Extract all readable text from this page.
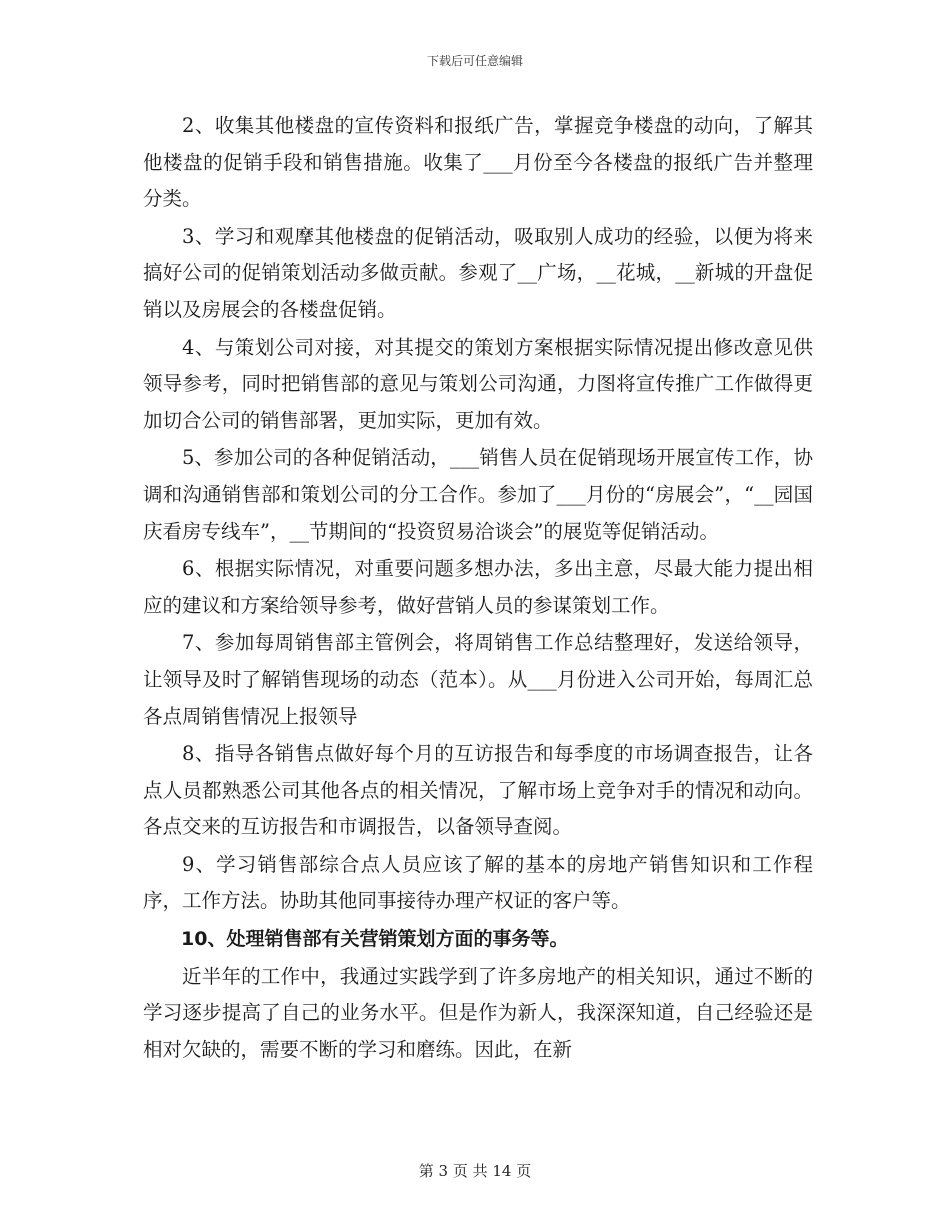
下载后可任意编辑

2、收集其他楼盘的宣传资料和报纸广告，掌握竞争楼盘的动向，了解其他楼盘的促销手段和销售措施。收集了___月份至今各楼盘的报纸广告并整理分类。

3、学习和观摩其他楼盘的促销活动，吸取别人成功的经验，以便为将来搞好公司的促销策划活动多做贡献。参观了__广场，__花城，__新城的开盘促销以及房展会的各楼盘促销。

4、与策划公司对接，对其提交的策划方案根据实际情况提出修改意见供领导参考，同时把销售部的意见与策划公司沟通，力图将宣传推广工作做得更加切合公司的销售部署，更加实际，更加有效。

5、参加公司的各种促销活动，___销售人员在促销现场开展宣传工作，协调和沟通销售部和策划公司的分工合作。参加了___月份的“房展会”，“__园国庆看房专线车”，__节期间的“投资贸易洽谈会”的展览等促销活动。

6、根据实际情况，对重要问题多想办法，多出主意，尽最大能力提出相应的建议和方案给领导参考，做好营销人员的参谋策划工作。

7、参加每周销售部主管例会，将周销售工作总结整理好，发送给领导，让领导及时了解销售现场的动态（范本）。从___月份进入公司开始，每周汇总各点周销售情况上报领导

8、指导各销售点做好每个月的互访报告和每季度的市场调查报告，让各点人员都熟悉公司其他各点的相关情况，了解市场上竞争对手的情况和动向。各点交来的互访报告和市调报告，以备领导查阅。

9、学习销售部综合点人员应该了解的基本的房地产销售知识和工作程序，工作方法。协助其他同事接待办理产权证的客户等。

10、处理销售部有关营销策划方面的事务等。

近半年的工作中，我通过实践学到了许多房地产的相关知识，通过不断的学习逐步提高了自己的业务水平。但是作为新人，我深深知道，自己经验还是相对欠缺的，需要不断的学习和磨练。因此，在新

第 3 页 共 14 页
